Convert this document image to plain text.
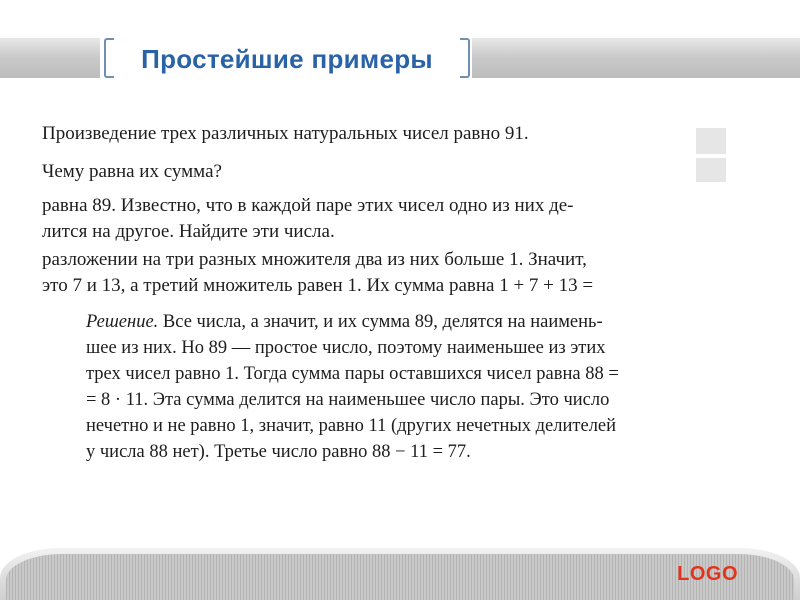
Простейшие примеры
Произведение трех различных натуральных чисел равно 91.
Чему равна их сумма?
равна 89. Известно, что в каждой паре этих чисел одно из них де-
лится на другое. Найдите эти числа.
разложении на три разных множителя два из них больше 1. Значит,
это 7 и 13, а третий множитель равен 1. Их сумма равна 1 + 7 + 13 =
Решение. Все числа, а значит, и их сумма 89, делятся на наимень-
шее из них. Но 89 — простое число, поэтому наименьшее из этих
трех чисел равно 1. Тогда сумма пары оставшихся чисел равна 88 =
= 8 · 11. Эта сумма делится на наименьшее число пары. Это число
нечетно и не равно 1, значит, равно 11 (других нечетных делителей
у числа 88 нет). Третье число равно 88 − 11 = 77.
LOGO
